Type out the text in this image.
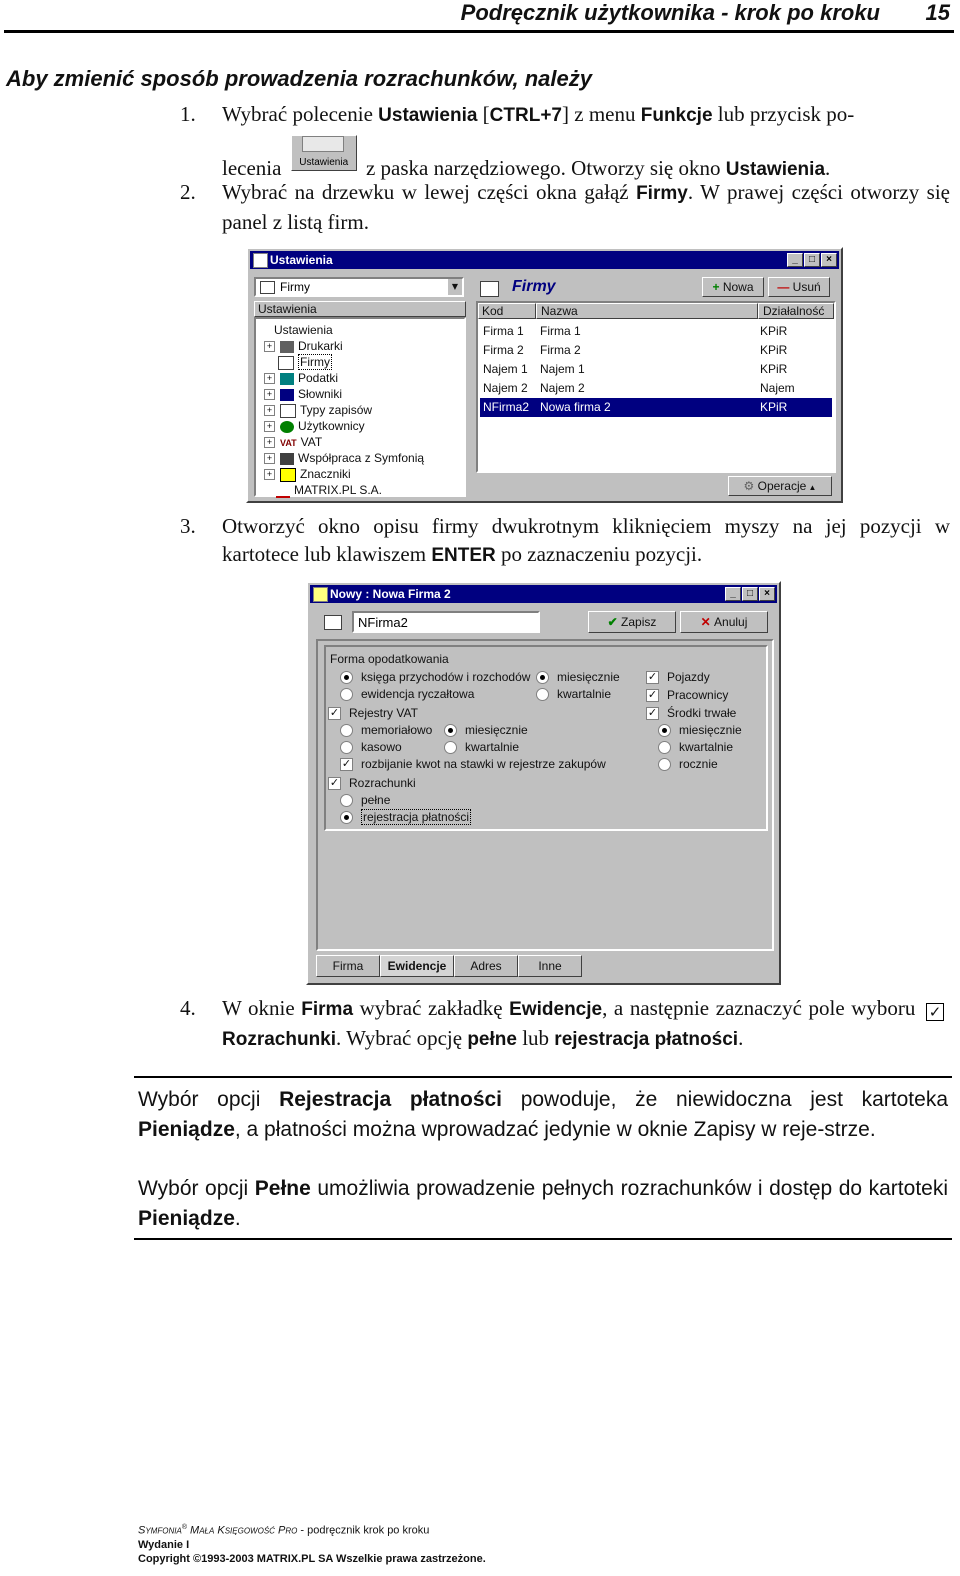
Podręcznik użytkownika - krok po kroku	15
Aby zmienić sposób prowadzenia rozrachunków, należy
1. Wybrać polecenie Ustawienia [CTRL+7] z menu Funkcje lub przycisk po-
lecenia	Ustawienia z paska narzędziowego. Otworzy się okno Ustawienia.
2. Wybrać na drzewku w lewej części okna gałąź Firmy. W prawej części otworzy się panel z listą firm.
Ustawienia	_	□	×
Firmy	▼
Ustawienia
Ustawienia
+ Drukarki
Firmy
+ Podatki
+ Słowniki
+ Typy zapisów
+ Użytkownicy
+ VAT VAT
+ Współpraca z Symfonią
+ Znaczniki
MATRIX.PL S.A.
Firmy	+ Nowa	— Usuń
Kod	Nazwa	Działalność
Firma 1 Firma 1	KPiR
Firma 2 Firma 2	KPiR
Najem 1 Najem 1	KPiR
Najem 2 Najem 2	Najem
NFirma2 Nowa firma 2	KPiR
⚙ Operacje ▲
3. Otworzyć okno opisu firmy dwukrotnym kliknięciem myszy na jej pozycji w kartotece lub klawiszem ENTER po zaznaczeniu pozycji.
Nowy : Nowa Firma 2	_	□	×
NFirma2	✔ Zapisz	✕ Anuluj
Forma opodatkowania
księga przychodów i rozchodów
ewidencja ryczałtowa
miesięcznie
kwartalnie
✓ Pojazdy
✓ Pracownicy
✓ Rejestry VAT	✓ Środki trwałe
memoriałowo
kasowo
miesięcznie
kwartalnie
miesięcznie
kwartalnie
rocznie
✓ rozbijanie kwot na stawki w rejestrze zakupów
✓ Rozrachunki
pełne
rejestracja płatności
Firma	Ewidencje	Adres	Inne
4. W oknie Firma wybrać zakładkę Ewidencje, a następnie zaznaczyć pole wyboru ✓Rozrachunki. Wybrać opcję pełne lub rejestracja płatności.
Wybór opcji Rejestracja płatności powoduje, że niewidoczna jest kartoteka Pieniądze, a płatności można wprowadzać jedynie w oknie Zapisy w reje-strze.
Wybór opcji Pełne umożliwia prowadzenie pełnych rozrachunków i dostęp do kartoteki Pieniądze.
Symfonia® Mała Księgowość Pro - podręcznik krok po kroku
Wydanie I
Copyright ©1993-2003 MATRIX.PL SA Wszelkie prawa zastrzeżone.
